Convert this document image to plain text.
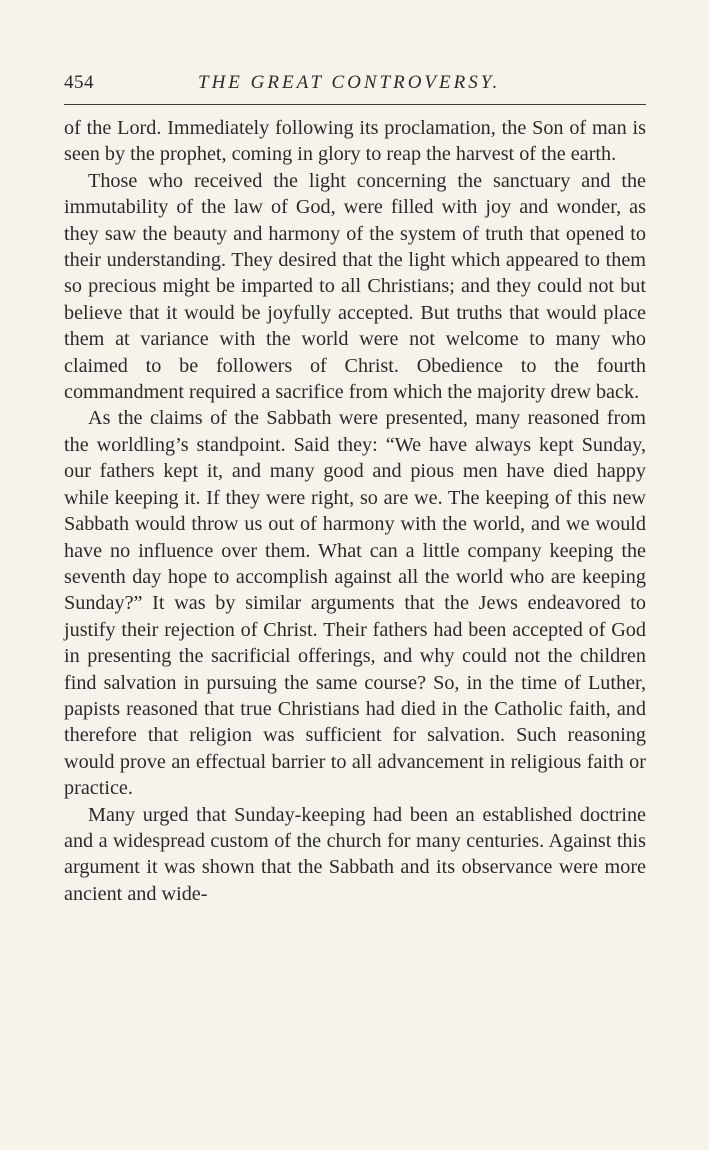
454	THE GREAT CONTROVERSY.

of the Lord. Immediately following its proclamation, the Son of man is seen by the prophet, coming in glory to reap the harvest of the earth.

Those who received the light concerning the sanctuary and the immutability of the law of God, were filled with joy and wonder, as they saw the beauty and harmony of the system of truth that opened to their understanding. They desired that the light which appeared to them so precious might be imparted to all Christians; and they could not but believe that it would be joyfully accepted. But truths that would place them at variance with the world were not welcome to many who claimed to be followers of Christ. Obedience to the fourth commandment required a sacrifice from which the majority drew back.

As the claims of the Sabbath were presented, many reasoned from the worldling’s standpoint. Said they: “We have always kept Sunday, our fathers kept it, and many good and pious men have died happy while keeping it. If they were right, so are we. The keeping of this new Sabbath would throw us out of harmony with the world, and we would have no influence over them. What can a little company keeping the seventh day hope to accomplish against all the world who are keeping Sunday?” It was by similar arguments that the Jews endeavored to justify their rejection of Christ. Their fathers had been accepted of God in presenting the sacrificial offerings, and why could not the children find salvation in pursuing the same course? So, in the time of Luther, papists reasoned that true Christians had died in the Catholic faith, and therefore that religion was sufficient for salvation. Such reasoning would prove an effectual barrier to all advancement in religious faith or practice.

Many urged that Sunday-keeping had been an established doctrine and a widespread custom of the church for many centuries. Against this argument it was shown that the Sabbath and its observance were more ancient and wide-
